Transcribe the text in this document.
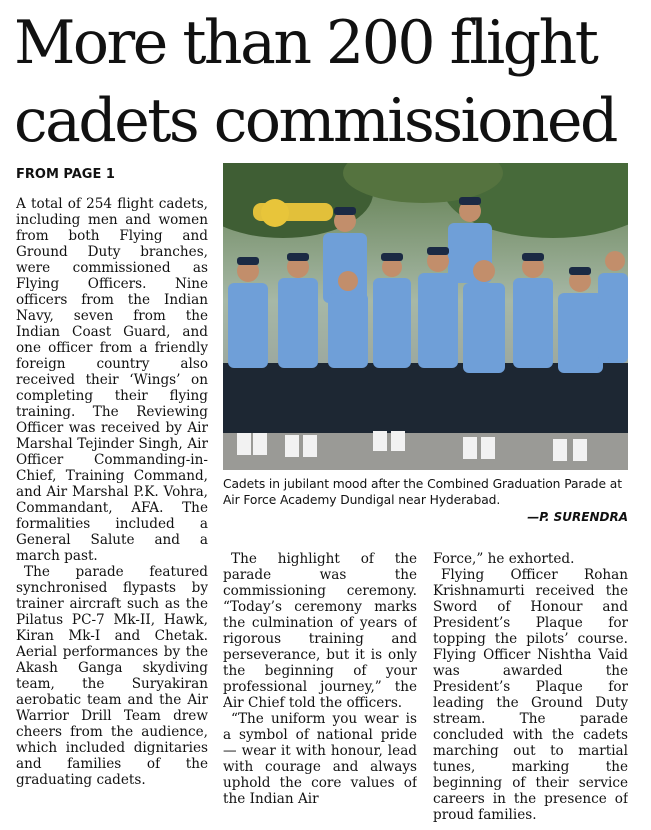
More than 200 flight
cadets commissioned
FROM PAGE 1

A total of 254 flight cadets, including men and women from both Flying and Ground Duty branches, were commissioned as Flying Officers. Nine officers from the Indian Navy, seven from the Indian Coast Guard, and one officer from a friendly foreign country also received their ‘Wings’ on completing their flying training. The Reviewing Officer was received by Air Marshal Tejinder Singh, Air Officer Commanding-in-Chief, Training Command, and Air Marshal P.K. Vohra, Commandant, AFA. The formalities included a General Salute and a march past.

The parade featured synchronised flypasts by trainer aircraft such as the Pilatus PC-7 Mk-II, Hawk, Kiran Mk-I and Chetak. Aerial performances by the Akash Ganga skydiving team, the Suryakiran aerobatic team and the Air Warrior Drill Team drew cheers from the audience, which included dignitaries and families of the graduating cadets.

Cadets in jubilant mood after the Combined Graduation Parade at Air Force Academy Dundigal near Hyderabad.
—P. SURENDRA

The highlight of the parade was the commissioning ceremony. “Today’s ceremony marks the culmination of years of rigorous training and perseverance, but it is only the beginning of your professional journey,” the Air Chief told the officers.

“The uniform you wear is a symbol of national pride — wear it with honour, lead with courage and always uphold the core values of the Indian Air

Force,” he exhorted.

Flying Officer Rohan Krishnamurti received the Sword of Honour and President’s Plaque for topping the pilots’ course. Flying Officer Nishtha Vaid was awarded the President’s Plaque for leading the Ground Duty stream. The parade concluded with the cadets marching out to martial tunes, marking the beginning of their service careers in the presence of proud families.
